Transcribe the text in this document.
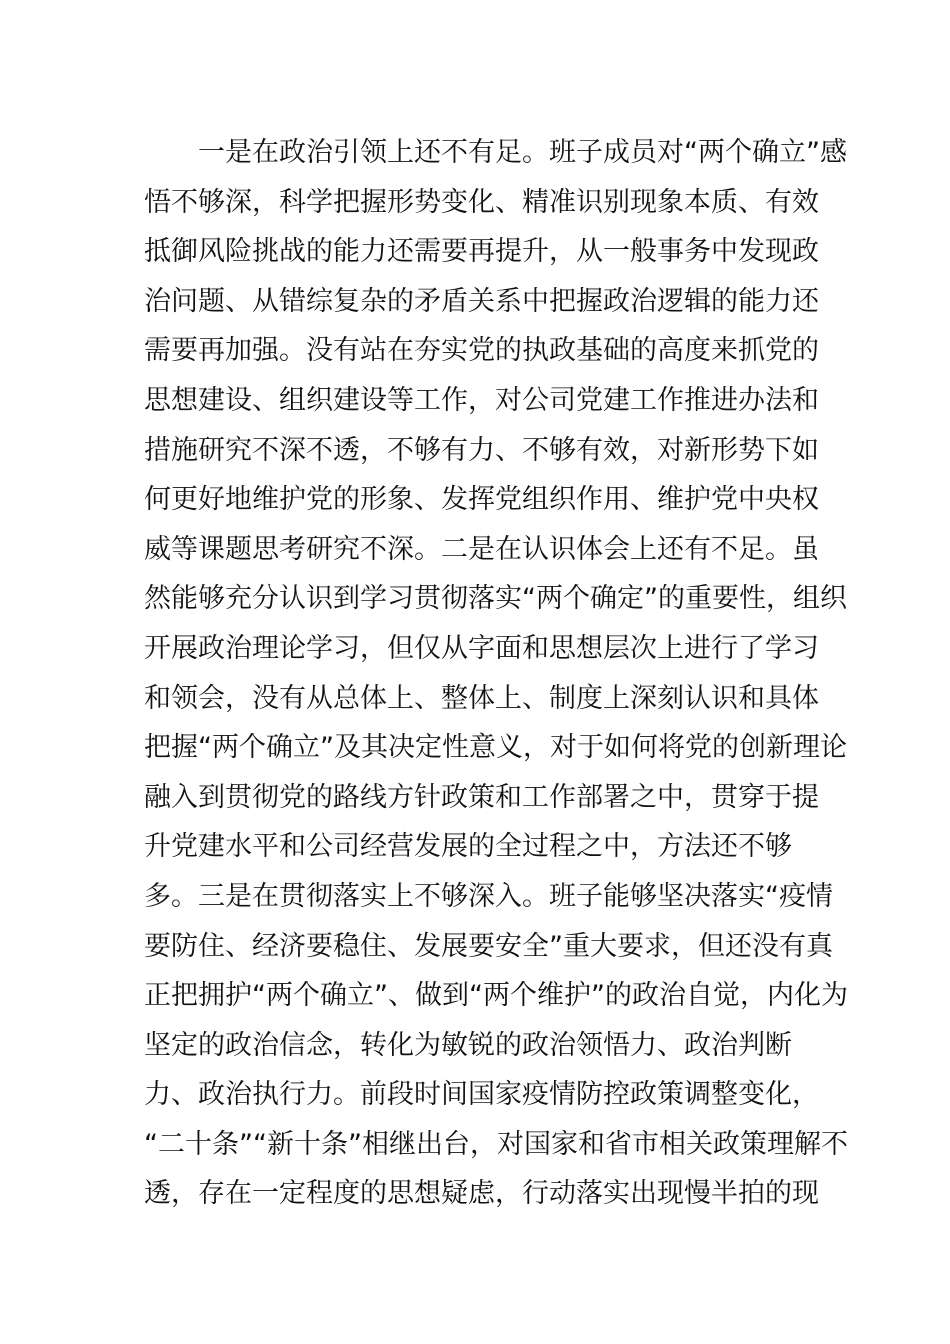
一是在政治引领上还不有足。班子成员对“两个确立”感
悟不够深，科学把握形势变化、精准识别现象本质、有效
抵御风险挑战的能力还需要再提升，从一般事务中发现政
治问题、从错综复杂的矛盾关系中把握政治逻辑的能力还
需要再加强。没有站在夯实党的执政基础的高度来抓党的
思想建设、组织建设等工作，对公司党建工作推进办法和
措施研究不深不透，不够有力、不够有效，对新形势下如
何更好地维护党的形象、发挥党组织作用、维护党中央权
威等课题思考研究不深。二是在认识体会上还有不足。虽
然能够充分认识到学习贯彻落实“两个确定”的重要性，组织
开展政治理论学习，但仅从字面和思想层次上进行了学习
和领会，没有从总体上、整体上、制度上深刻认识和具体
把握“两个确立”及其决定性意义，对于如何将党的创新理论
融入到贯彻党的路线方针政策和工作部署之中，贯穿于提
升党建水平和公司经营发展的全过程之中，方法还不够
多。三是在贯彻落实上不够深入。班子能够坚决落实“疫情
要防住、经济要稳住、发展要安全”重大要求，但还没有真
正把拥护“两个确立”、做到“两个维护”的政治自觉，内化为
坚定的政治信念，转化为敏锐的政治领悟力、政治判断
力、政治执行力。前段时间国家疫情防控政策调整变化，
“二十条”“新十条”相继出台，对国家和省市相关政策理解不
透，存在一定程度的思想疑虑，行动落实出现慢半拍的现
